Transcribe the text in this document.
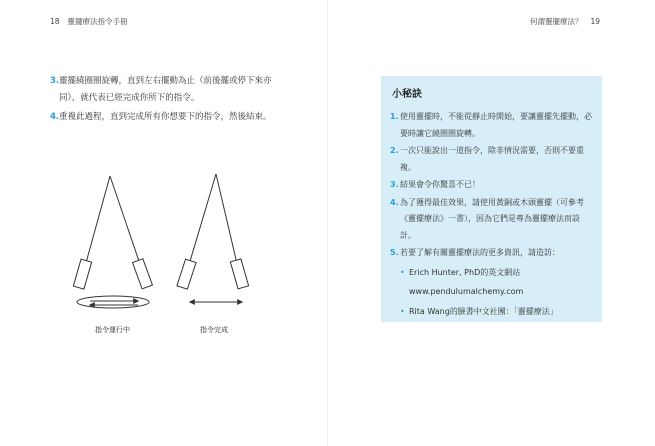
18 靈擺療法指令手冊	何謂靈擺療法？ 19
3. 靈擺繞圈圈旋轉，直到左右擺動為止（前後擺或停下來亦同），就代表已經完成你所下的指令。
4. 重複此過程，直到完成所有你想要下的指令，然後結束。
指令運行中	指令完成
小秘訣
1. 使用靈擺時，不能從靜止時開始，要讓靈擺先擺動，必要時讓它繞圈圈旋轉。
2. 一次只能說出一道指令，除非情況需要，否則不要重複。
3. 結果會令你驚喜不已！
4. 為了獲得最佳效果，請使用黃銅或木頭靈擺（可參考《靈擺療法》一書），因為它們是專為靈擺療法而設計。
5. 若要了解有關靈擺療法的更多資訊，請造訪：
• Erich Hunter, PhD的英文網站
www.pendulumalchemy.com
• Rita Wang的臉書中文社團：「靈擺療法」
